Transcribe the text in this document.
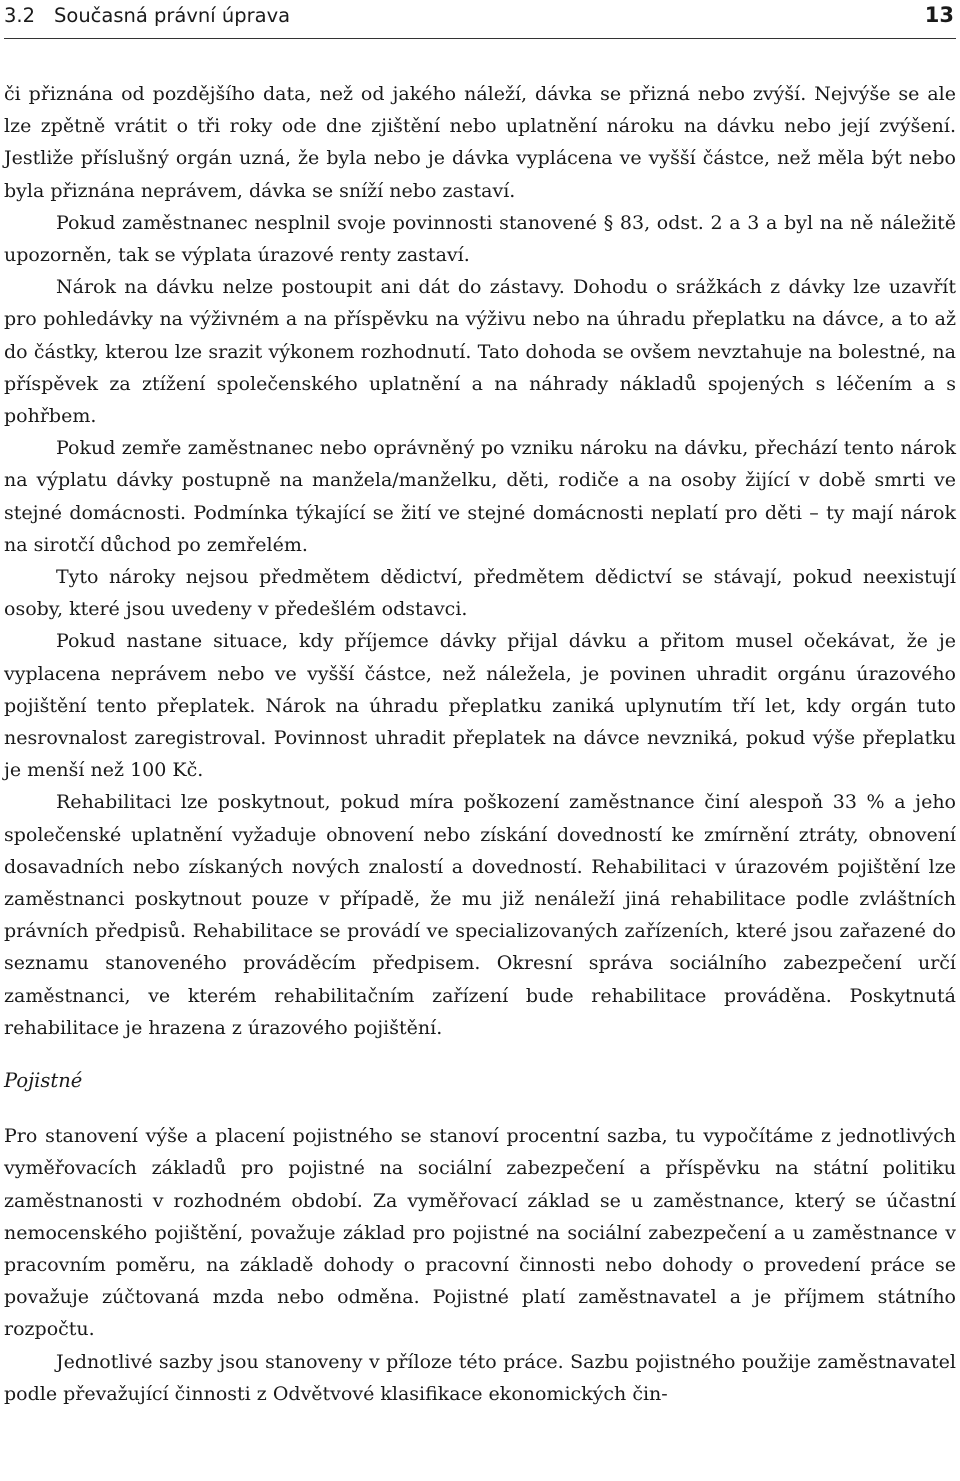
3.2 Současná právní úprava	13

či přiznána od pozdějšího data, než od jakého náleží, dávka se přizná nebo zvýší. Nejvýše se ale lze zpětně vrátit o tři roky ode dne zjištění nebo uplatnění nároku na dávku nebo její zvýšení. Jestliže příslušný orgán uzná, že byla nebo je dávka vyplácena ve vyšší částce, než měla být nebo byla přiznána neprávem, dávka se sníží nebo zastaví.

Pokud zaměstnanec nesplnil svoje povinnosti stanovené § 83, odst. 2 a 3 a byl na ně náležitě upozorněn, tak se výplata úrazové renty zastaví.

Nárok na dávku nelze postoupit ani dát do zástavy. Dohodu o srážkách z dávky lze uzavřít pro pohledávky na výživném a na příspěvku na výživu nebo na úhradu přeplatku na dávce, a to až do částky, kterou lze srazit výkonem rozhodnutí. Tato dohoda se ovšem nevztahuje na bolestné, na příspěvek za ztížení společenského uplatnění a na náhrady nákladů spojených s léčením a s pohřbem.

Pokud zemře zaměstnanec nebo oprávněný po vzniku nároku na dávku, přechází tento nárok na výplatu dávky postupně na manžela/manželku, děti, rodiče a na osoby žijící v době smrti ve stejné domácnosti. Podmínka týkající se žití ve stejné domácnosti neplatí pro děti – ty mají nárok na sirotčí důchod po zemřelém.

Tyto nároky nejsou předmětem dědictví, předmětem dědictví se stávají, pokud neexistují osoby, které jsou uvedeny v předešlém odstavci.

Pokud nastane situace, kdy příjemce dávky přijal dávku a přitom musel očekávat, že je vyplacena neprávem nebo ve vyšší částce, než náležela, je povinen uhradit orgánu úrazového pojištění tento přeplatek. Nárok na úhradu přeplatku zaniká uplynutím tří let, kdy orgán tuto nesrovnalost zaregistroval. Povinnost uhradit přeplatek na dávce nevzniká, pokud výše přeplatku je menší než 100 Kč.

Rehabilitaci lze poskytnout, pokud míra poškození zaměstnance činí alespoň 33 % a jeho společenské uplatnění vyžaduje obnovení nebo získání dovedností ke zmírnění ztráty, obnovení dosavadních nebo získaných nových znalostí a dovedností. Rehabilitaci v úrazovém pojištění lze zaměstnanci poskytnout pouze v případě, že mu již nenáleží jiná rehabilitace podle zvláštních právních předpisů. Rehabilitace se provádí ve specializovaných zařízeních, které jsou zařazené do seznamu stanoveného prováděcím předpisem. Okresní správa sociálního zabezpečení určí zaměstnanci, ve kterém rehabilitačním zařízení bude rehabilitace prováděna. Poskytnutá rehabilitace je hrazena z úrazového pojištění.

Pojistné

Pro stanovení výše a placení pojistného se stanoví procentní sazba, tu vypočítáme z jednotlivých vyměřovacích základů pro pojistné na sociální zabezpečení a příspěvku na státní politiku zaměstnanosti v rozhodném období. Za vyměřovací základ se u zaměstnance, který se účastní nemocenského pojištění, považuje základ pro pojistné na sociální zabezpečení a u zaměstnance v pracovním poměru, na základě dohody o pracovní činnosti nebo dohody o provedení práce se považuje zúčtovaná mzda nebo odměna. Pojistné platí zaměstnavatel a je příjmem státního rozpočtu.

Jednotlivé sazby jsou stanoveny v příloze této práce. Sazbu pojistného použije zaměstnavatel podle převažující činnosti z Odvětvové klasifikace ekonomických čin-
